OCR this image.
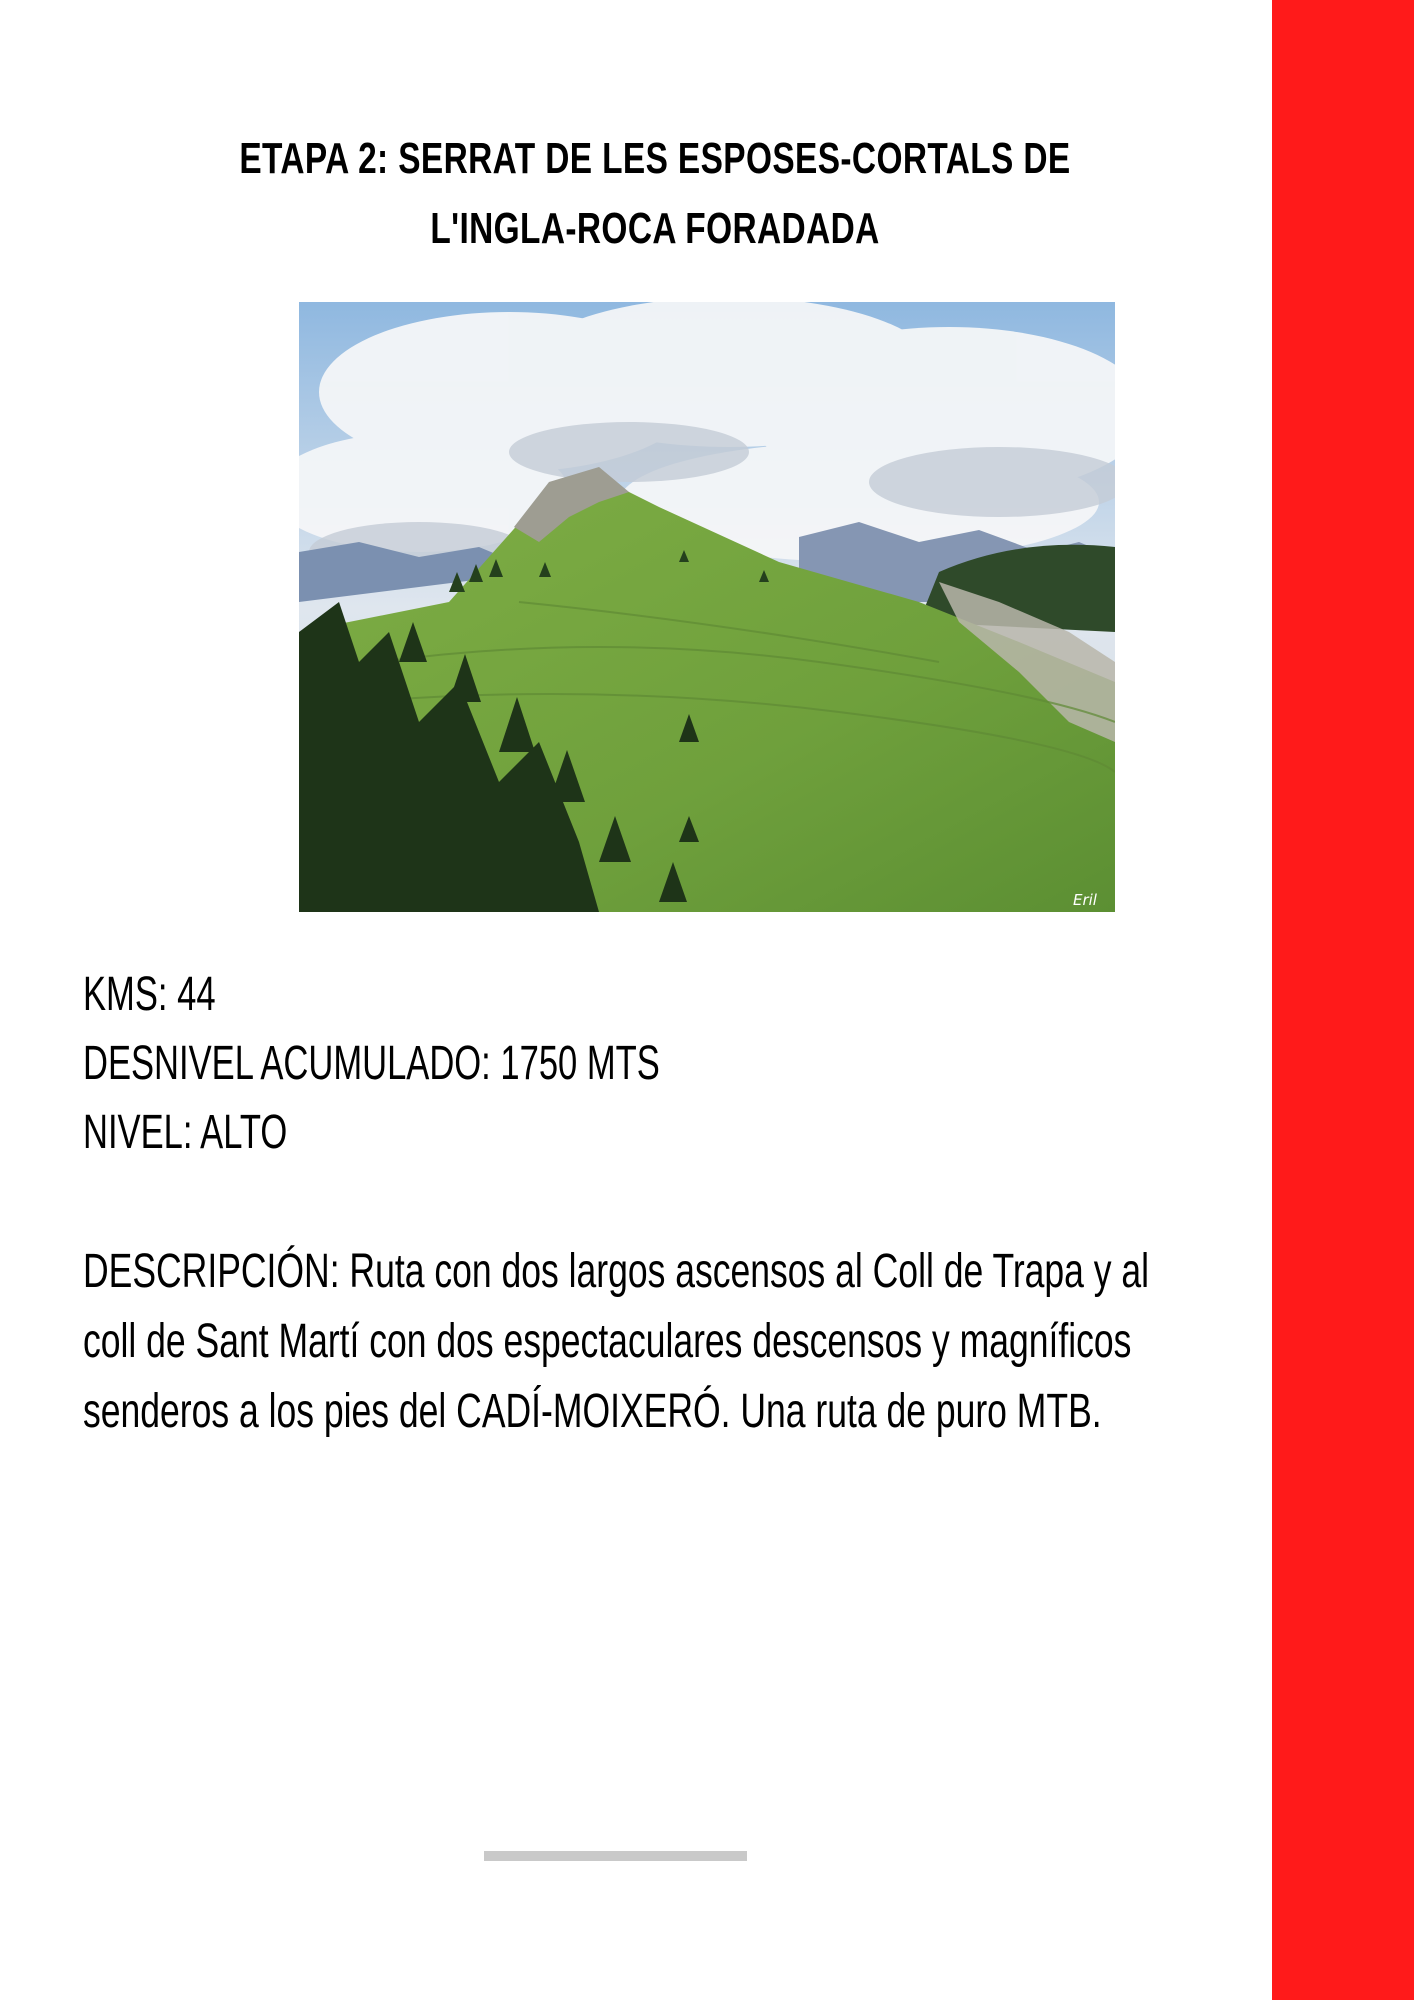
ETAPA 2: SERRAT DE LES ESPOSES-CORTALS DE L'INGLA-ROCA FORADADA
Eril
KMS: 44
DESNIVEL ACUMULADO: 1750 MTS
NIVEL: ALTO

DESCRIPCIÓN: Ruta con dos largos ascensos al Coll de Trapa y al coll de Sant Martí con dos espectaculares descensos y magníficos senderos a los pies del CADÍ-MOIXERÓ. Una ruta de puro MTB.
